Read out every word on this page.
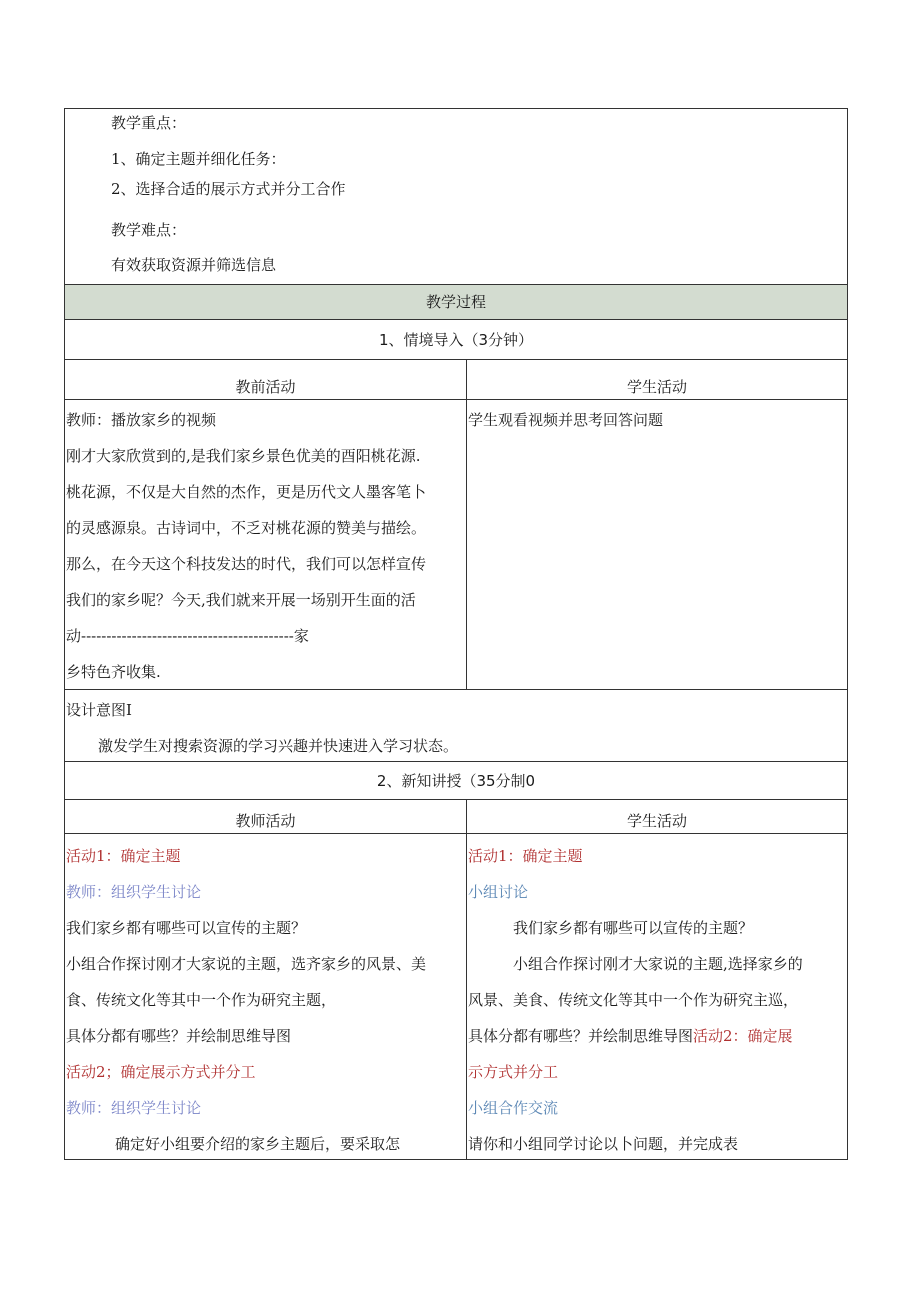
教学重点：
1、确定主题并细化任务：
2、选择合适的展示方式并分工合作
教学难点：
有效获取资源并筛选信息
教学过程
1、情境导入（3分钟）
教前活动	学生活动
教师：播放家乡的视频
刚才大家欣赏到的,是我们家乡景色优美的酉阳桃花源.
桃花源，不仅是大自然的杰作，更是历代文人墨客笔卜
的灵感源泉。古诗词中，不乏对桃花源的赞美与描绘。
那么，在今天这个科技发达的时代，我们可以怎样宣传
我们的家乡呢？今天,我们就来开展一场别开生面的活
动------------------------------------------家
乡特色齐收集.
学生观看视频并思考回答问题
设计意图I
激发学生对搜索资源的学习兴趣并快速进入学习状态。
2、新知讲授（35分制0
教师活动	学生活动
活动1：确定主题
教师：组织学生讨论
我们家乡都有哪些可以宣传的主题？
小组合作探讨刚才大家说的主题，选齐家乡的风景、美
食、传统文化等其中一个作为研究主题，
具体分都有哪些？并绘制思维导图
活动2；确定展示方式并分工
教师：组织学生讨论
确定好小组要介绍的家乡主题后，要采取怎
活动1：确定主题
小组讨论
我们家乡都有哪些可以宣传的主题？
小组合作探讨刚才大家说的主题,选择家乡的
风景、美食、传统文化等其中一个作为研究主巡，
具体分都有哪些？并绘制思维导图活动2：确定展
示方式并分工
小组合作交流
请你和小组同学讨论以卜问题，并完成表
